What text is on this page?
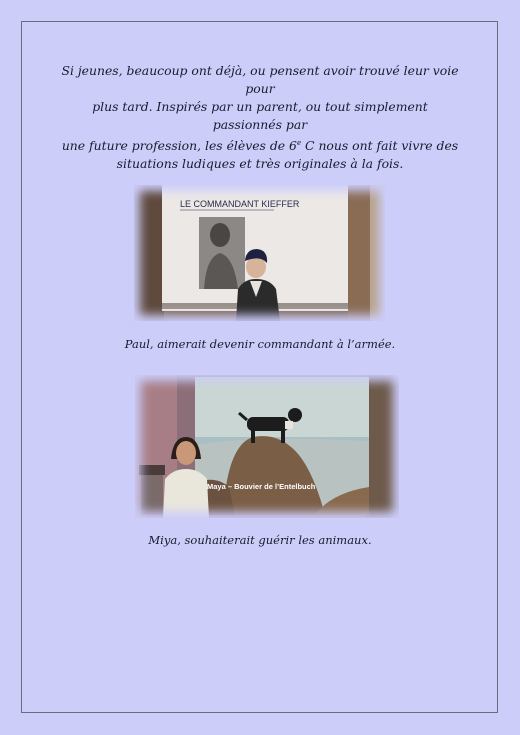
Si jeunes, beaucoup ont déjà, ou pensent avoir trouvé leur voie pour
plus tard. Inspirés par un parent, ou tout simplement passionnés par
une future profession, les élèves de 6e C nous ont fait vivre des
situations ludiques et très originales à la fois.

LE COMMANDANT KIEFFER

Paul, aimerait devenir commandant à l’armée.

Maya – Bouvier de l’Entelbuch

Miya, souhaiterait guérir les animaux.
